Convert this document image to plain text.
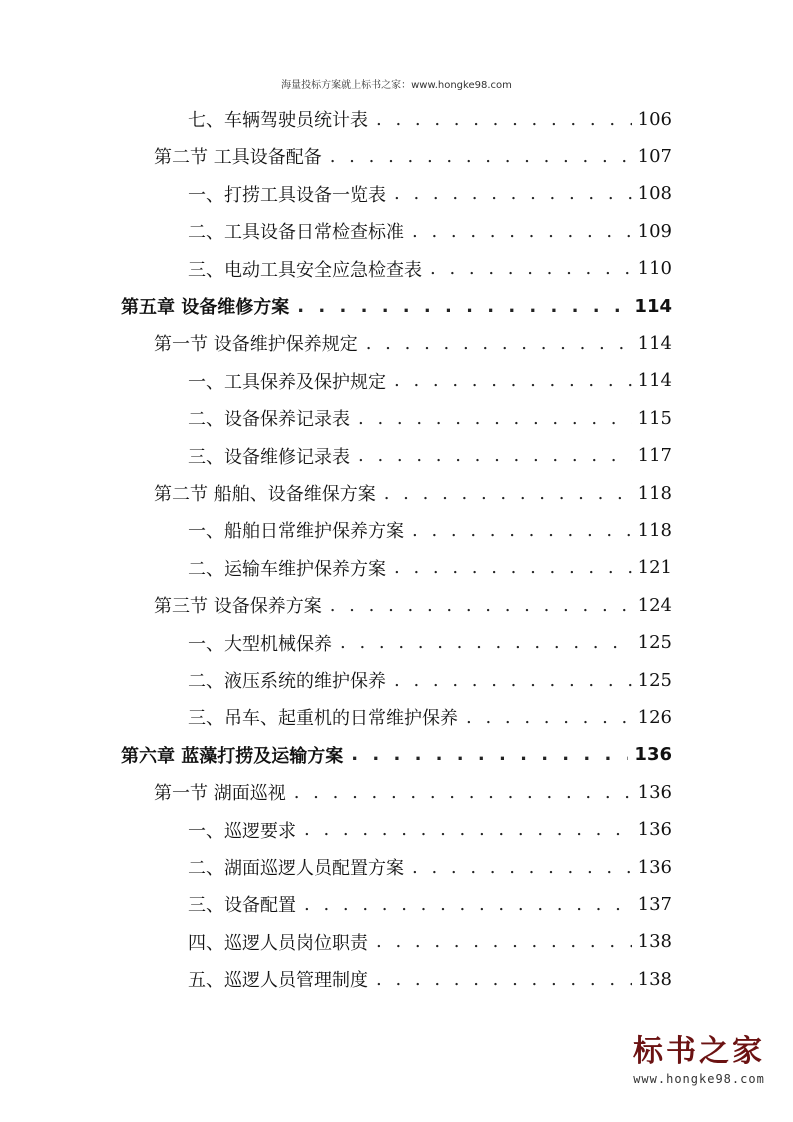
海量投标方案就上标书之家：www.hongke98.com
七、车辆驾驶员统计表 . . .	106
第二节 工具设备配备 . . .	107
一、打捞工具设备一览表 . . .	108
二、工具设备日常检查标准 . . .	109
三、电动工具安全应急检查表 . . .	110
第五章 设备维修方案 . . .	114
第一节 设备维护保养规定 . . .	114
一、工具保养及保护规定 . . .	114
二、设备保养记录表 . . .	115
三、设备维修记录表 . . .	117
第二节 船舶、设备维保方案 . . .	118
一、船舶日常维护保养方案 . . .	118
二、运输车维护保养方案 . . .	121
第三节 设备保养方案 . . .	124
一、大型机械保养 . . .	125
二、液压系统的维护保养 . . .	125
三、吊车、起重机的日常维护保养 . . .	126
第六章 蓝藻打捞及运输方案 . . .	136
第一节 湖面巡视 . . .	136
一、巡逻要求 . . .	136
二、湖面巡逻人员配置方案 . . .	136
三、设备配置 . . .	137
四、巡逻人员岗位职责 . . .	138
五、巡逻人员管理制度 . . .	138
标书之家
www.hongke98.com
